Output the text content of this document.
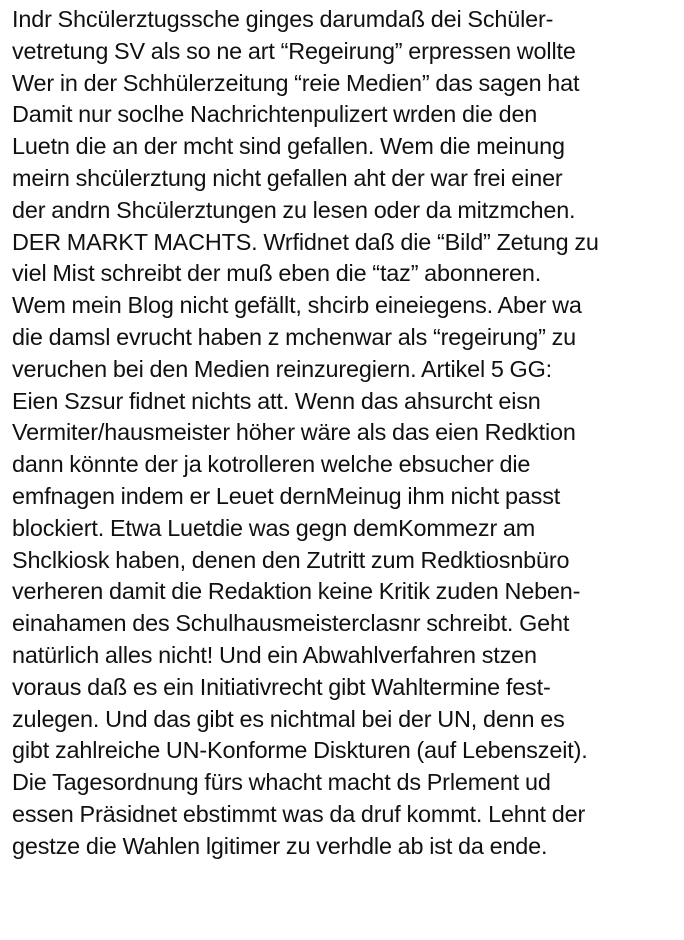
Indr Shcülerztugssche ginges darumdaß dei Schüler-
vetretung SV als so ne art “Regeirung” erpressen wollte
Wer in der Schhülerzeitung “reie Medien” das sagen hat
Damit nur soclhe Nachrichtenpulizert wrden die den
Luetn die an der mcht sind gefallen. Wem die meinung
meirn shcülerztung nicht gefallen aht der war frei einer
der andrn Shcülerztungen zu lesen oder da mitzmchen.
DER MARKT MACHTS. Wrfidnet daß die “Bild” Zetung zu
viel Mist schreibt der muß eben die “taz” abonneren.
Wem mein Blog nicht gefällt, shcirb eineiegens. Aber wa
die damsl evrucht haben z mchenwar als “regeirung” zu
veruchen bei den Medien reinzuregiern. Artikel 5 GG:
Eien Szsur fidnet nichts att. Wenn das ahsurcht eisn
Vermiter/hausmeister höher wäre als das eien Redktion
dann könnte der ja kotrolleren welche ebsucher die
emfnagen indem er Leuet dernMeinug ihm nicht passt
blockiert. Etwa Luetdie was gegn demKommezr am
Shclkiosk haben, denen den Zutritt zum Redktiosnbüro
verheren damit die Redaktion keine Kritik zuden Neben-
einahamen des Schulhausmeisterclasnr schreibt. Geht
natürlich alles nicht! Und ein Abwahlverfahren stzen
voraus daß es ein Initiativrecht gibt Wahltermine fest-
zulegen. Und das gibt es nichtmal bei der UN, denn es
gibt zahlreiche UN-Konforme Diskturen (auf Lebenszeit).
Die Tagesordnung fürs whacht macht ds Prlement ud
essen Präsidnet ebstimmt was da druf kommt. Lehnt der
gestze die Wahlen lgitimer zu verhdle ab ist da ende.
